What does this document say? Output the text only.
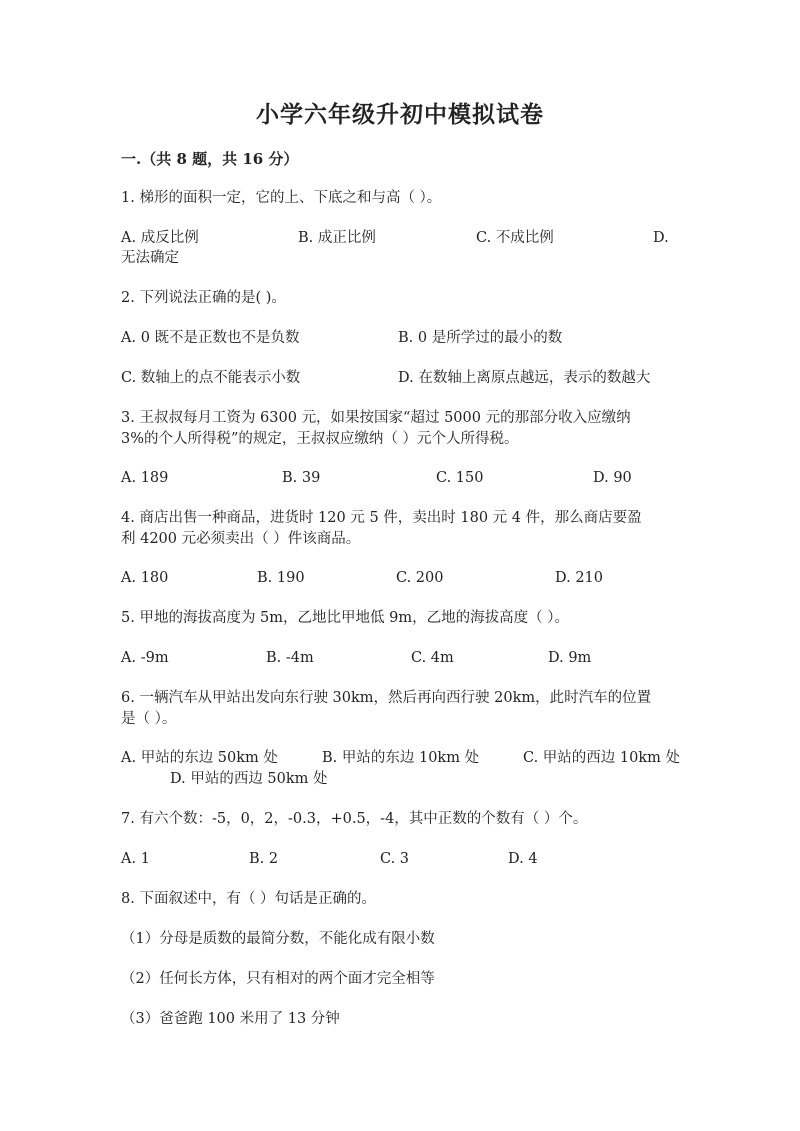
小学六年级升初中模拟试卷
一.（共 8 题，共 16 分）
1. 梯形的面积一定，它的上、下底之和与高（ ）。
A. 成反比例	B. 成正比例	C. 不成比例	D.
无法确定
2. 下列说法正确的是( )。
A. 0 既不是正数也不是负数	B. 0 是所学过的最小的数
C. 数轴上的点不能表示小数	D. 在数轴上离原点越远，表示的数越大
3. 王叔叔每月工资为 6300 元，如果按国家“超过 5000 元的那部分收入应缴纳
3%的个人所得税”的规定，王叔叔应缴纳（ ）元个人所得税。
A. 189	B. 39	C. 150	D. 90
4. 商店出售一种商品，进货时 120 元 5 件，卖出时 180 元 4 件，那么商店要盈
利 4200 元必须卖出（ ）件该商品。
A. 180	B. 190	C. 200	D. 210
5. 甲地的海拔高度为 5m，乙地比甲地低 9m，乙地的海拔高度（ ）。
A. -9m	B. -4m	C. 4m	D. 9m
6. 一辆汽车从甲站出发向东行驶 30km，然后再向西行驶 20km，此时汽车的位置
是（ ）。
A. 甲站的东边 50km 处	B. 甲站的东边 10km 处	C. 甲站的西边 10km 处
D. 甲站的西边 50km 处
7. 有六个数：-5，0，2，-0.3，+0.5，-4，其中正数的个数有（ ）个。
A. 1	B. 2	C. 3	D. 4
8. 下面叙述中，有（ ）句话是正确的。
（1）分母是质数的最简分数，不能化成有限小数
（2）任何长方体，只有相对的两个面才完全相等
（3）爸爸跑 100 米用了 13 分钟
